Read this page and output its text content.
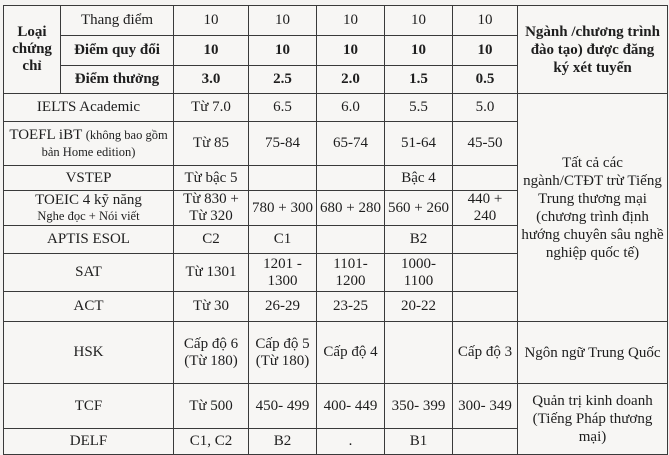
Loại chứng chỉ	Thang điểm	10	10	10	10	10	Ngành /chương trình đào tạo) được đăng ký xét tuyển
	Điểm quy đổi	10	10	10	10	10	
	Điểm thưởng	3.0	2.5	2.0	1.5	0.5	
IELTS Academic		Từ 7.0	6.5	6.0	5.5	5.0	Tất cả các ngành/CTĐT trừ Tiếng Trung thương mại (chương trình định hướng chuyên sâu nghề nghiệp quốc tế)
TOEFL iBT (không bao gồm bản Home edition)		Từ 85	75-84	65-74	51-64	45-50	
VSTEP		Từ bậc 5			Bậc 4		

TOEIC 4 kỹ năng
Nghe đọc + Nói viết		Từ 830 + Từ 320	780 + 300	680 + 280	560 + 260	440 + 240	
APTIS ESOL		C2	C1		B2		
SAT		Từ 1301	1201 - 1300	1101- 1200	1000- 1100		
ACT		Từ 30	26-29	23-25	20-22		
HSK		Cấp độ 6 (Từ 180)	Cấp độ 5 (Từ 180)	Cấp độ 4		Cấp độ 3	Ngôn ngữ Trung Quốc
TCF		Từ 500	450- 499	400- 449	350- 399	300- 349	Quản trị kinh doanh (Tiếng Pháp thương mại)
DELF		C1, C2	B2	.	B1		
